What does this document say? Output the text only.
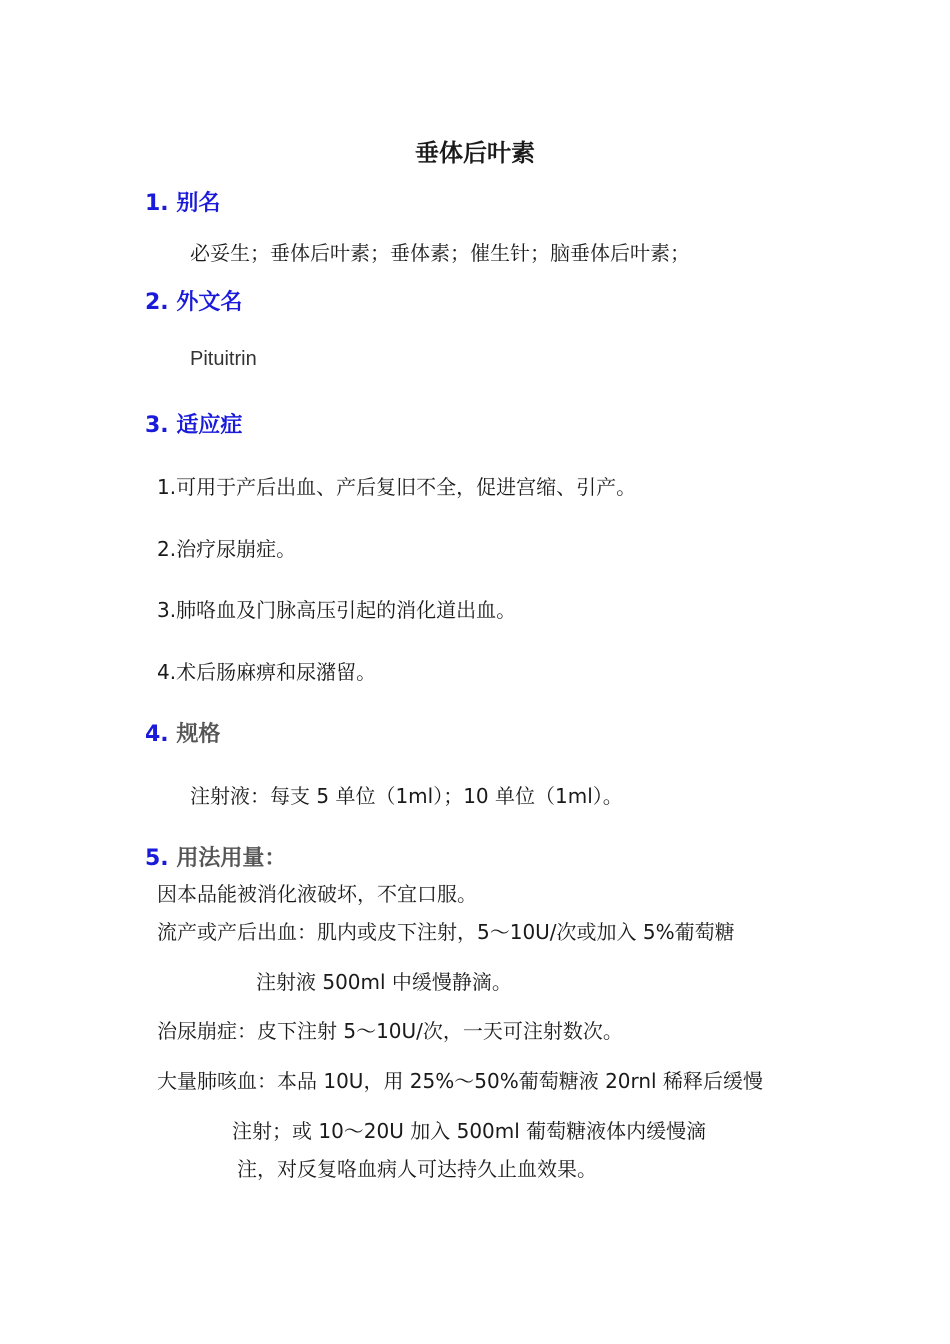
垂体后叶素
1. 别名
必妥生；垂体后叶素；垂体素；催生针；脑垂体后叶素；
2. 外文名
Pituitrin
3. 适应症
1.可用于产后出血、产后复旧不全，促进宫缩、引产。
2.治疗尿崩症。
3.肺咯血及门脉高压引起的消化道出血。
4.术后肠麻痹和尿潴留。
4. 规格
注射液：每支 5 单位（1ml）；10 单位（1ml）。
5. 用法用量：
因本品能被消化液破坏，不宜口服。
流产或产后出血：肌内或皮下注射，5～10U/次或加入 5%葡萄糖
注射液 500ml 中缓慢静滴。
治尿崩症：皮下注射 5～10U/次，一天可注射数次。
大量肺咳血：本品 10U，用 25%～50%葡萄糖液 20rnl 稀释后缓慢
注射；或 10～20U 加入 500ml 葡萄糖液体内缓慢滴
注，对反复咯血病人可达持久止血效果。
